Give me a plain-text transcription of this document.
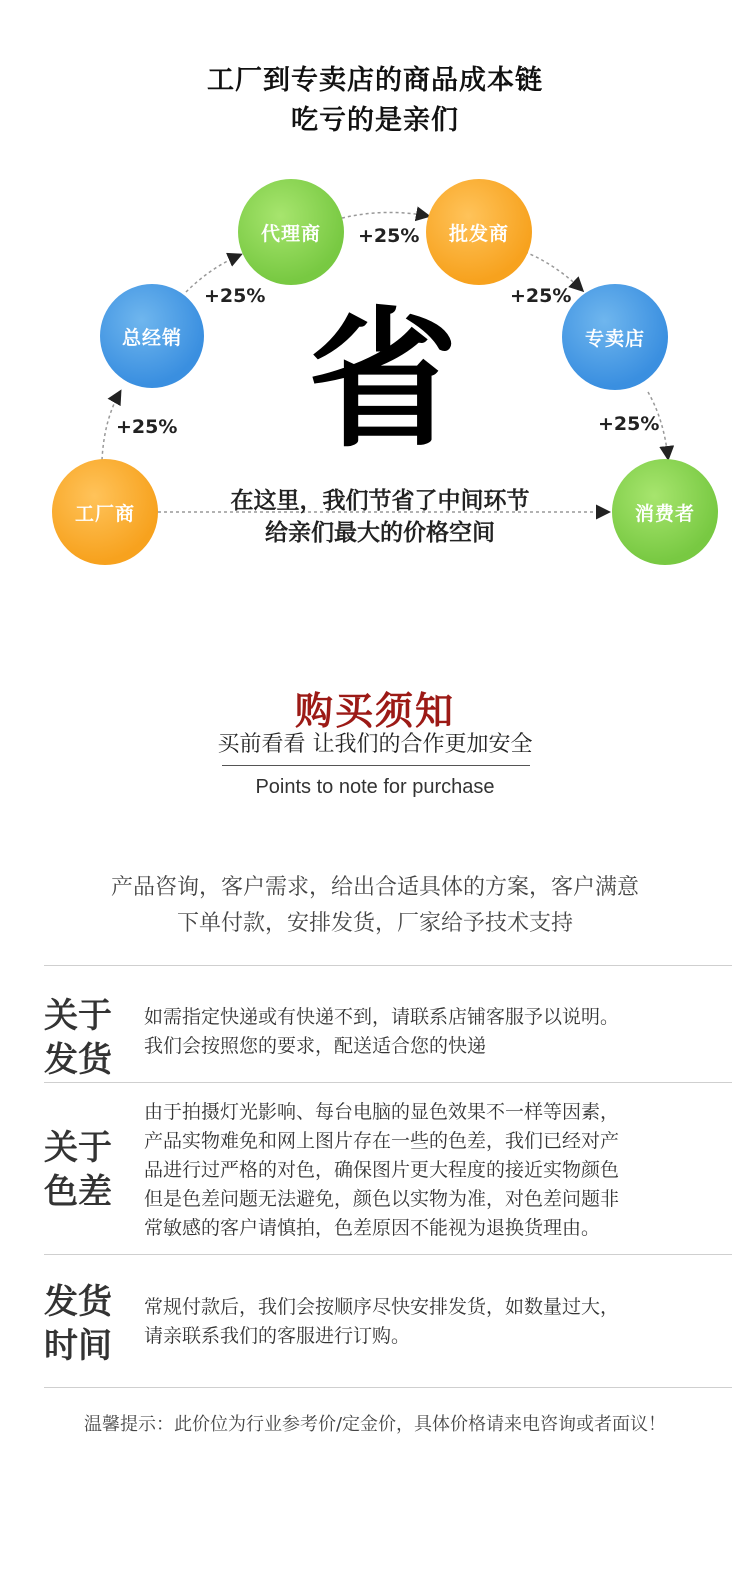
工厂到专卖店的商品成本链
吃亏的是亲们
工厂商
总经销
代理商	批发商
专卖店
消费者
+25%
+25%
+25%
+25%
+25%
省
在这里，我们节省了中间环节
给亲们最大的价格空间
购买须知
买前看看 让我们的合作更加安全
Points to note for purchase
产品咨询，客户需求，给出合适具体的方案，客户满意
下单付款，安排发货，厂家给予技术支持
关于
发货
如需指定快递或有快递不到，请联系店铺客服予以说明。
我们会按照您的要求，配送适合您的快递
关于
色差
由于拍摄灯光影响、每台电脑的显色效果不一样等因素，
产品实物难免和网上图片存在一些的色差，我们已经对产
品进行过严格的对色，确保图片更大程度的接近实物颜色
但是色差问题无法避免，颜色以实物为准，对色差问题非
常敏感的客户请慎拍，色差原因不能视为退换货理由。
发货
时间
常规付款后，我们会按顺序尽快安排发货，如数量过大，
请亲联系我们的客服进行订购。
温馨提示：此价位为行业参考价/定金价，具体价格请来电咨询或者面议！
